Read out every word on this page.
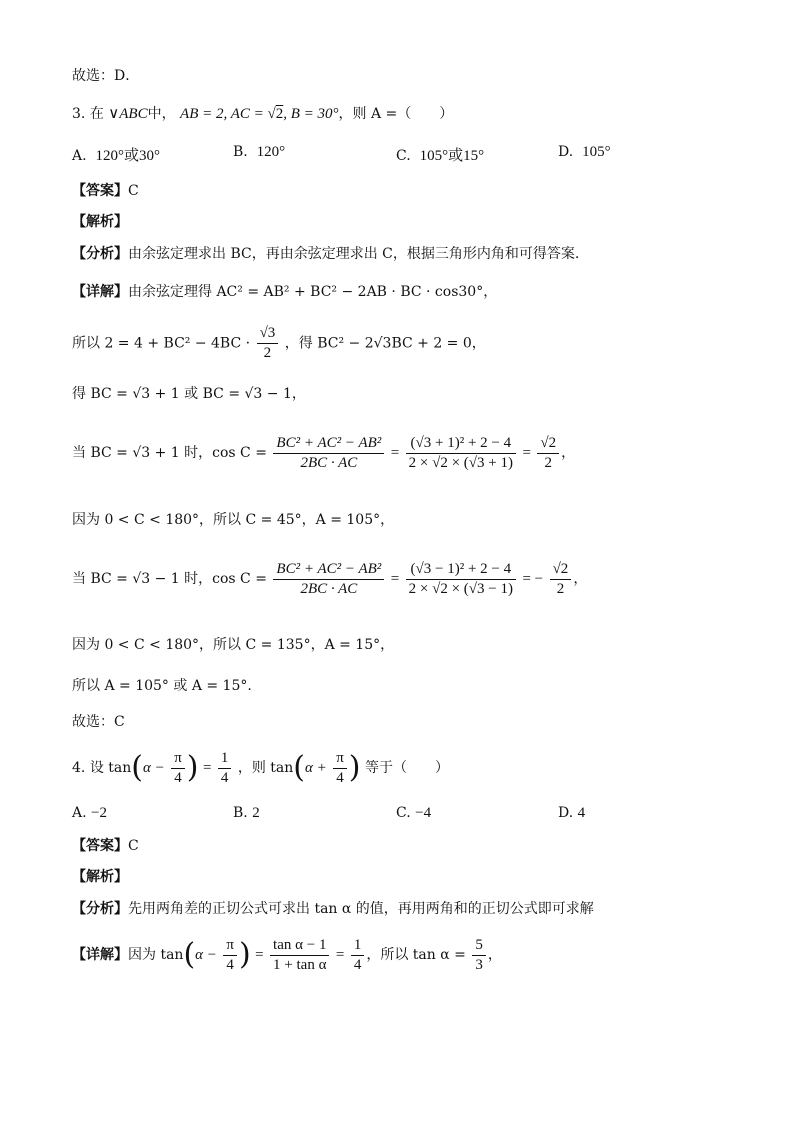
故选：D．
3. 在 ∨ABC中， AB = 2, AC = √2, B = 30°，则 A =（　　）
A. 120°或30°	B. 120°	C. 105°或15°	D. 105°
【答案】C
【解析】
【分析】由余弦定理求出 BC，再由余弦定理求出 C，根据三角形内角和可得答案.
【详解】由余弦定理得 AC² = AB² + BC² − 2AB · BC · cos30°，
所以 $2 = 4 + BC^2 - 4BC \cdot \frac{√3}{2}$ ，得 BC² − 2√3BC + 2 = 0，
得 BC = √3 + 1 或 BC = √3 − 1，
当 BC = √3 + 1 时，$\cos C = \frac{\text{BC² + AC² − AB²}}{2BC \cdot AC} = \frac{\text{(√3 + 1)² + 2 − 4}}{2 \times √2 \times (√3 + 1)} = \frac{√2}{2}$ ，
因为 0 < C < 180°，所以 C = 45°，A = 105°，
当 BC = √3 − 1 时，$\cos C = \frac{\text{BC² + AC² − AB²}}{2BC \cdot AC} = \frac{\text{(√3 − 1)² + 2 − 4}}{2 \times √2 \times (√3 - 1)}$ = − $\frac{√2}{2}$ ，
因为 0 < C < 180°，所以 C = 135°，A = 15°，
所以 A = 105° 或 A = 15°.
故选：C
4. 设 $\tan(\alpha - \frac{\pi}{4}$ ) = $\frac{1}{4}$ ，则 $\tan(\alpha + \frac{\pi}{4}$ ) 等于（　　）
A. −2	B. 2	C. −4	D. 4
【答案】C
【解析】
【分析】先用两角差的正切公式可求出 tan α 的值，再用两角和的正切公式即可求解
【详解】因为 $\tan(\alpha - \frac{\pi}{4}$ ) = $\frac{\text{tan α − 1}}{\text{1 + tan α}} = \frac{1}{4}$ ，所以 $\tan \alpha = \frac{5}{3}$ ，
